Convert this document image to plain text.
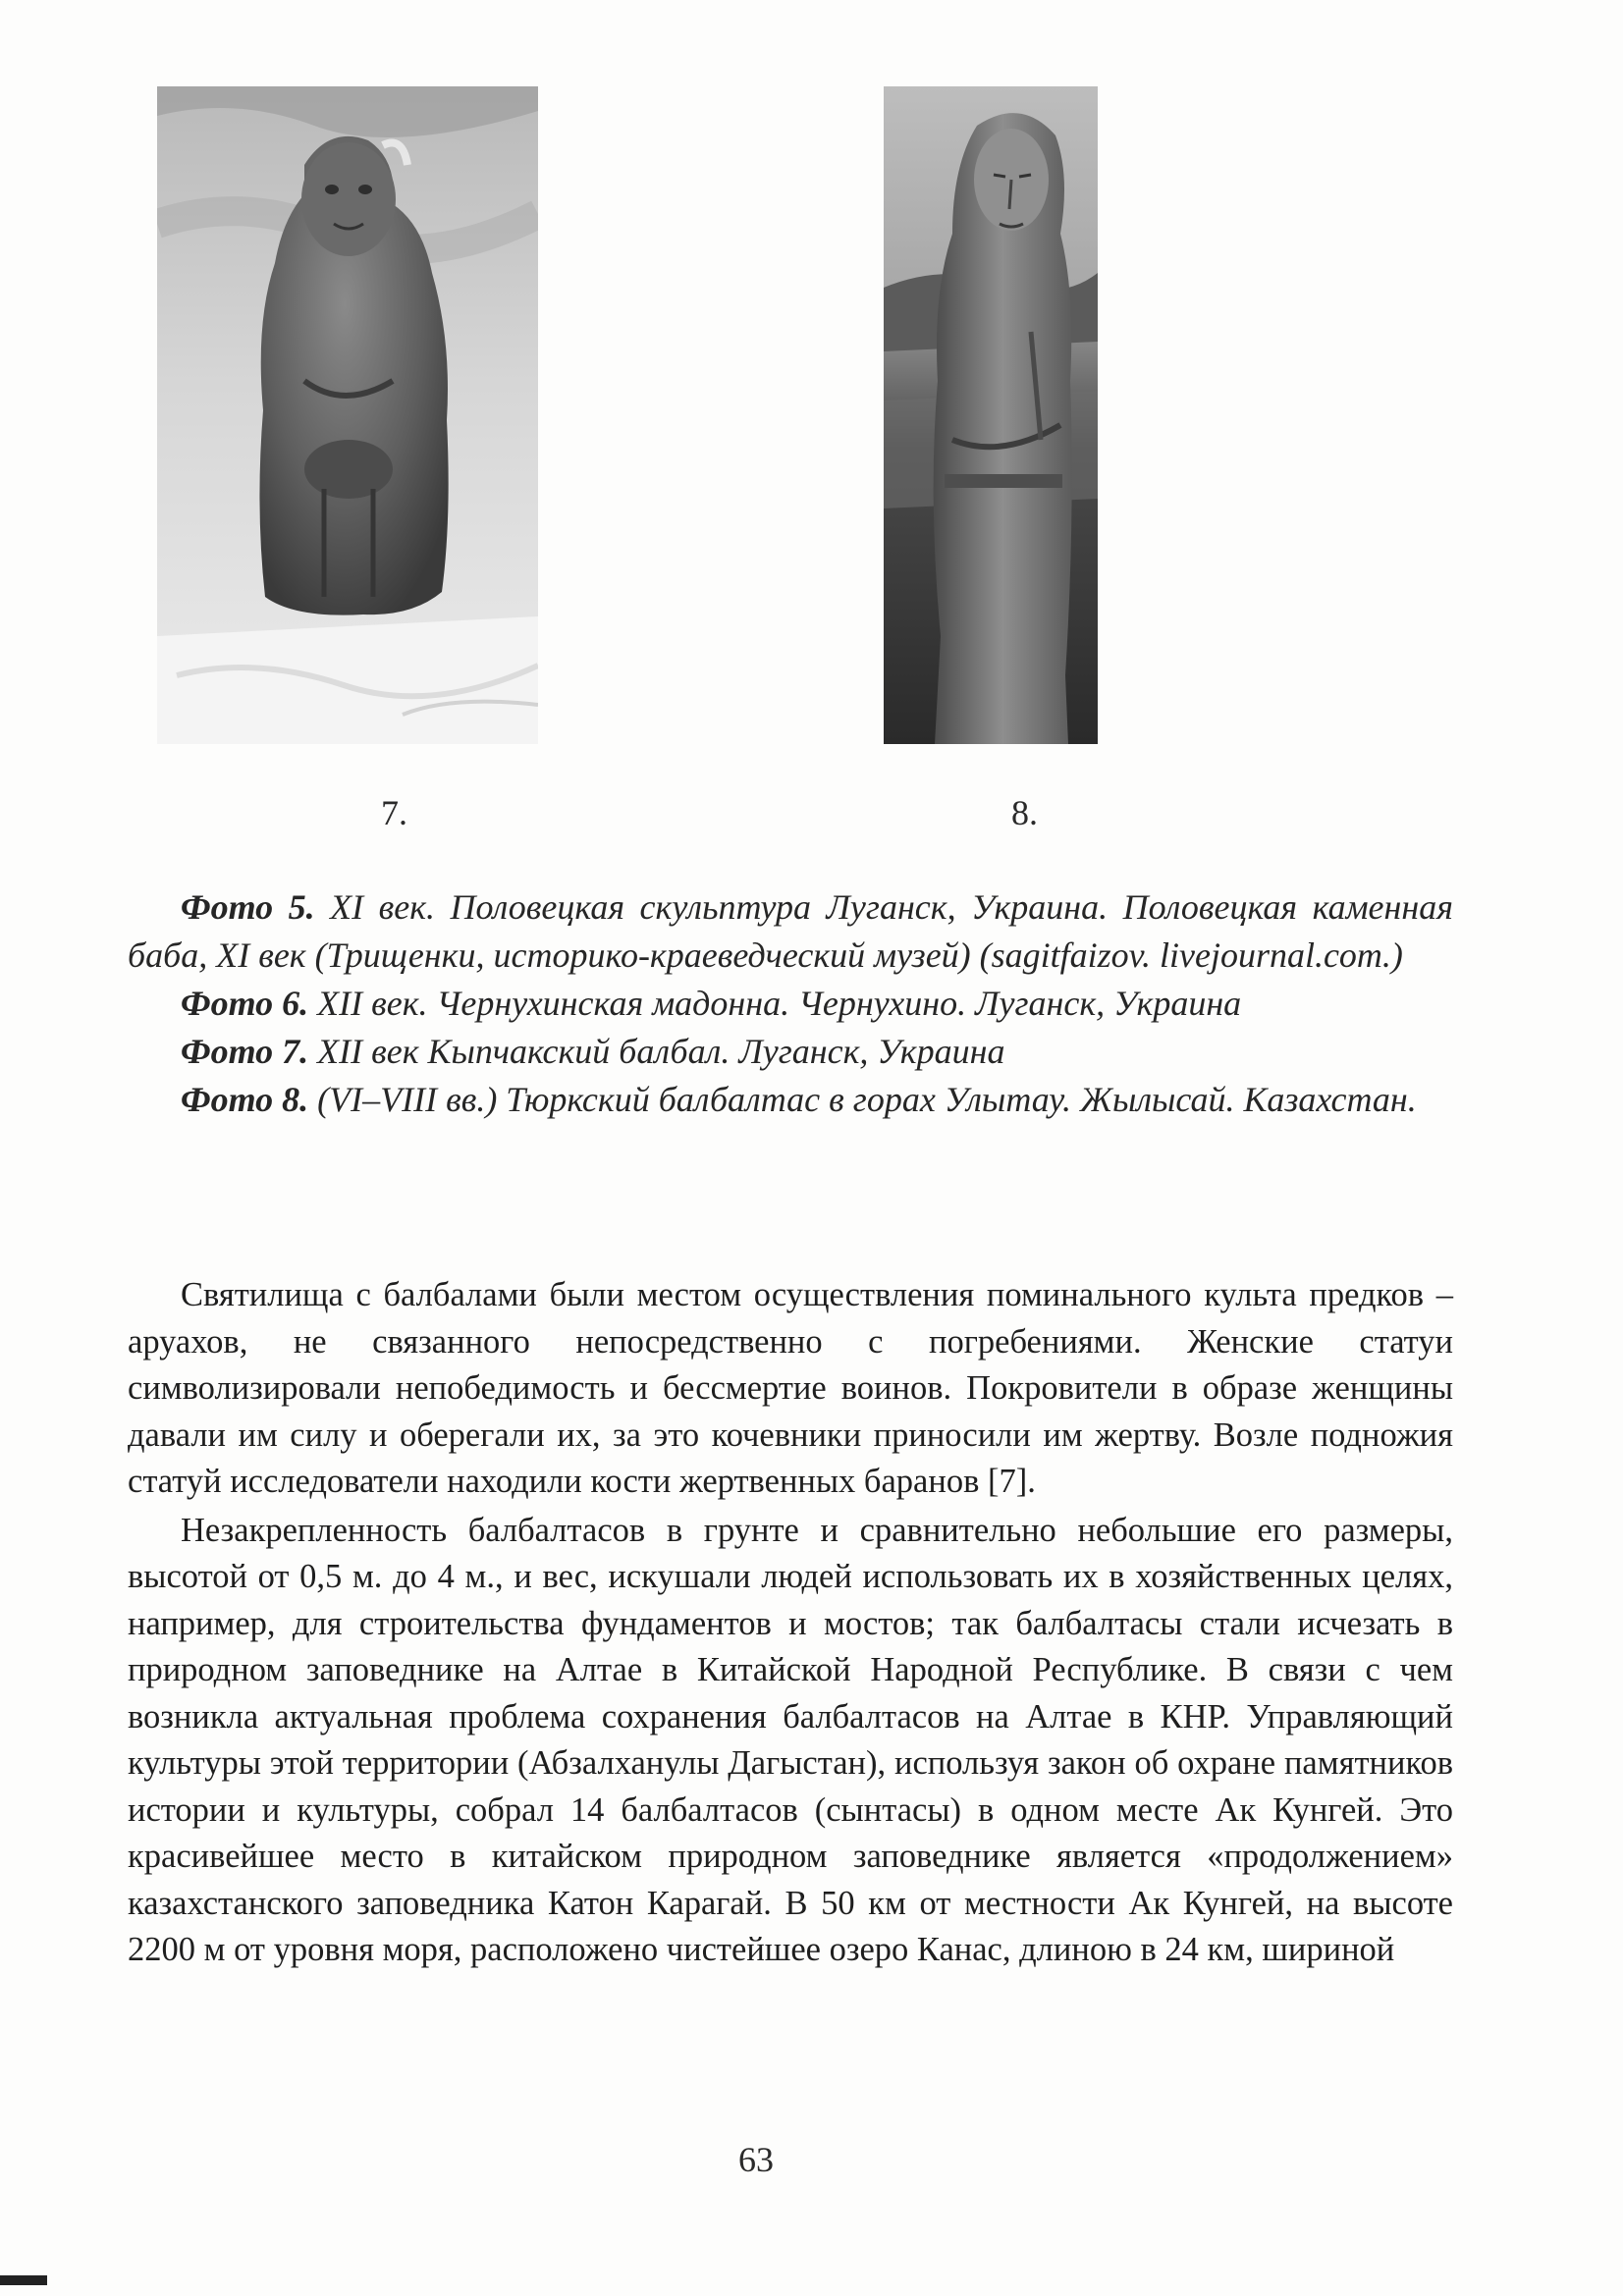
7.	8.

Фото 5. XI век. Половецкая скульптура Луганск, Украина. Половецкая каменная баба, XI век (Трищенки, историко-краеведческий музей) (sagitfaizov. livejournal.com.)

Фото 6. XII век. Чернухинская мадонна. Чернухино. Луганск, Украина

Фото 7. XII век Кыпчакский балбал. Луганск, Украина

Фото 8. (VI–VIII вв.) Тюркский балбалтас в горах Улытау. Жылысай. Казахстан.

Святилища с балбалами были местом осуществления поминального культа предков – аруахов, не связанного непосредственно с погребениями. Женские статуи символизировали непобедимость и бессмертие воинов. Покровители в образе женщины давали им силу и оберегали их, за это кочевники приносили им жертву. Возле подножия статуй исследователи находили кости жертвенных баранов [7].

Незакрепленность балбалтасов в грунте и сравнительно небольшие его размеры, высотой от 0,5 м. до 4 м., и вес, искушали людей использовать их в хозяйственных целях, например, для строительства фундаментов и мостов; так балбалтасы стали исчезать в природном заповеднике на Алтае в Китайской Народной Республике. В связи с чем возникла актуальная проблема сохранения балбалтасов на Алтае в КНР. Управляющий культуры этой территории (Абзалханулы Дагыстан), используя закон об охране памятников истории и культуры, собрал 14 балбалтасов (сынтасы) в одном месте Ак Кунгей. Это красивейшее место в китайском природном заповеднике является «продолжением» казахстанского заповедника Катон Карагай. В 50 км от местности Ак Кунгей, на высоте 2200 м от уровня моря, расположено чистейшее озеро Канас, длиною в 24 км, шириной

63
